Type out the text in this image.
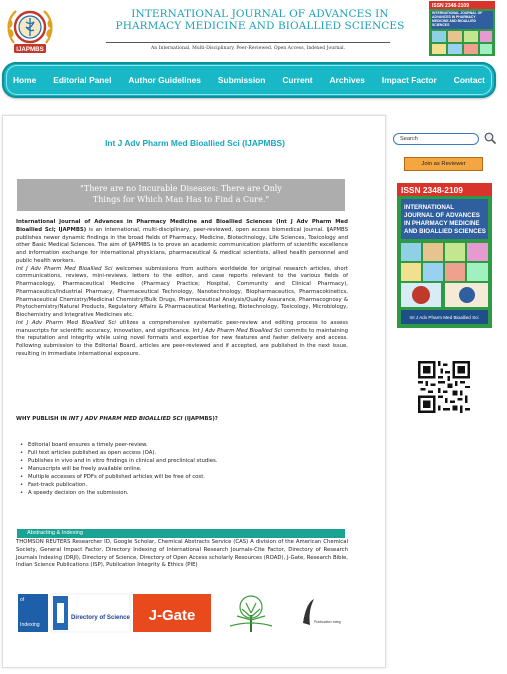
IJAPMBS
INTERNATIONAL JOURNAL OF ADVANCES IN
PHARMACY MEDICINE AND BIOALLIED SCIENCES
An International, Multi-Disciplinary, Peer-Reviewed, Open Access, Indexed Journal.
ISSN 2348-2109
INTERNATIONAL JOURNAL OF ADVANCES IN PHARMACY MEDICINE AND BIOALLIED SCIENCES
Home Editorial Panel Author Guidelines Submission Current Archives Impact Factor Contact
Int J Adv Pharm Med Bioallied Sci (IJAPMBS)
"There are no Incurable Diseases: There are Only
Things for Which Man Has to Find a Cure."

International Journal of Advances in Pharmacy Medicine and Bioallied Sciences (Int J Adv Pharm Med Bioallied Sci; IJAPMBS) is an international, multi-disciplinary, peer-reviewed, open access biomedical journal. IJAPMBS publishes newer dynamic findings in the broad fields of Pharmacy, Medicine, Biotechnology, Life Sciences, Toxicology and other Basic Medical Sciences. The aim of IJAPMBS is to prove an academic communication platform of scientific excellence and information exchange for international physicians, pharmaceutical & medical scientists, allied health personnel and public health workers.

Int J Adv Pharm Med Bioallied Sci welcomes submissions from authors worldwide for original research articles, short communications, reviews, mini-reviews, letters to the editor, and case reports relevant to the various fields of Pharmacology, Pharmaceutical Medicine (Pharmacy Practice; Hospital, Community and Clinical Pharmacy), Pharmaceutics/Industrial Pharmacy, Pharmaceutical Technology, Nanotechnology, Biopharmaceutics, Pharmacokinetics, Pharmaceutical Chemistry/Medicinal Chemistry/Bulk Drugs, Pharmaceutical Analysis/Quality Assurance, Pharmacognosy & Phytochemistry/Natural Products, Regulatory Affairs & Pharmaceutical Marketing, Biotechnology, Toxicology, Microbiology, Biochemistry and Integrative Medicines etc.

Int J Adv Pharm Med Bioallied Sci utilizes a comprehensive systematic peer-review and editing process to assess manuscripts for scientific accuracy, innovation, and significance. Int J Adv Pharm Med Bioallied Sci commits to maintaining the reputation and integrity while using novel formats and expertise for new features and faster delivery and access. Following submission to the Editorial Board, articles are peer-reviewed and if accepted, are published in the next issue, resulting in immediate international exposure.

WHY PUBLISH IN INT J ADV PHARM MED BIOALLIED SCI (IJAPMBS)?
• Editorial board ensures a timely peer-review.
• Full text articles published as open access (OA).
• Publishes in vivo and in vitro findings in clinical and preclinical studies.
• Manuscripts will be freely available online.
• Multiple accesses of PDFs of published articles will be free of cost.
• Fast-track publication.
• A speedy decision on the submission.
Abstracting & Indexing
THOMSON REUTERS Researcher ID, Google Scholar, Chemical Abstracts Service (CAS) A division of the American Chemical Society, General Impact Factor, Directory Indexing of International Research Journals-Cite Factor, Directory of Research Journals Indexing (DRJI), Directory of Science, Directory of Open Access scholarly Resources (ROAD), J-Gate, Research Bible, Indian Science Publications (ISP), Publication Integrity & Ethics (PIE)
of
Indexing
Directory of Science J-Gate	Publication Integ
Search
Join as Reviewer
ISSN 2348-2109
INTERNATIONAL
JOURNAL OF ADVANCES
IN PHARMACY MEDICINE
AND BIOALLIED SCIENCES
Int J Adv Pharm Med Bioallied Sci
